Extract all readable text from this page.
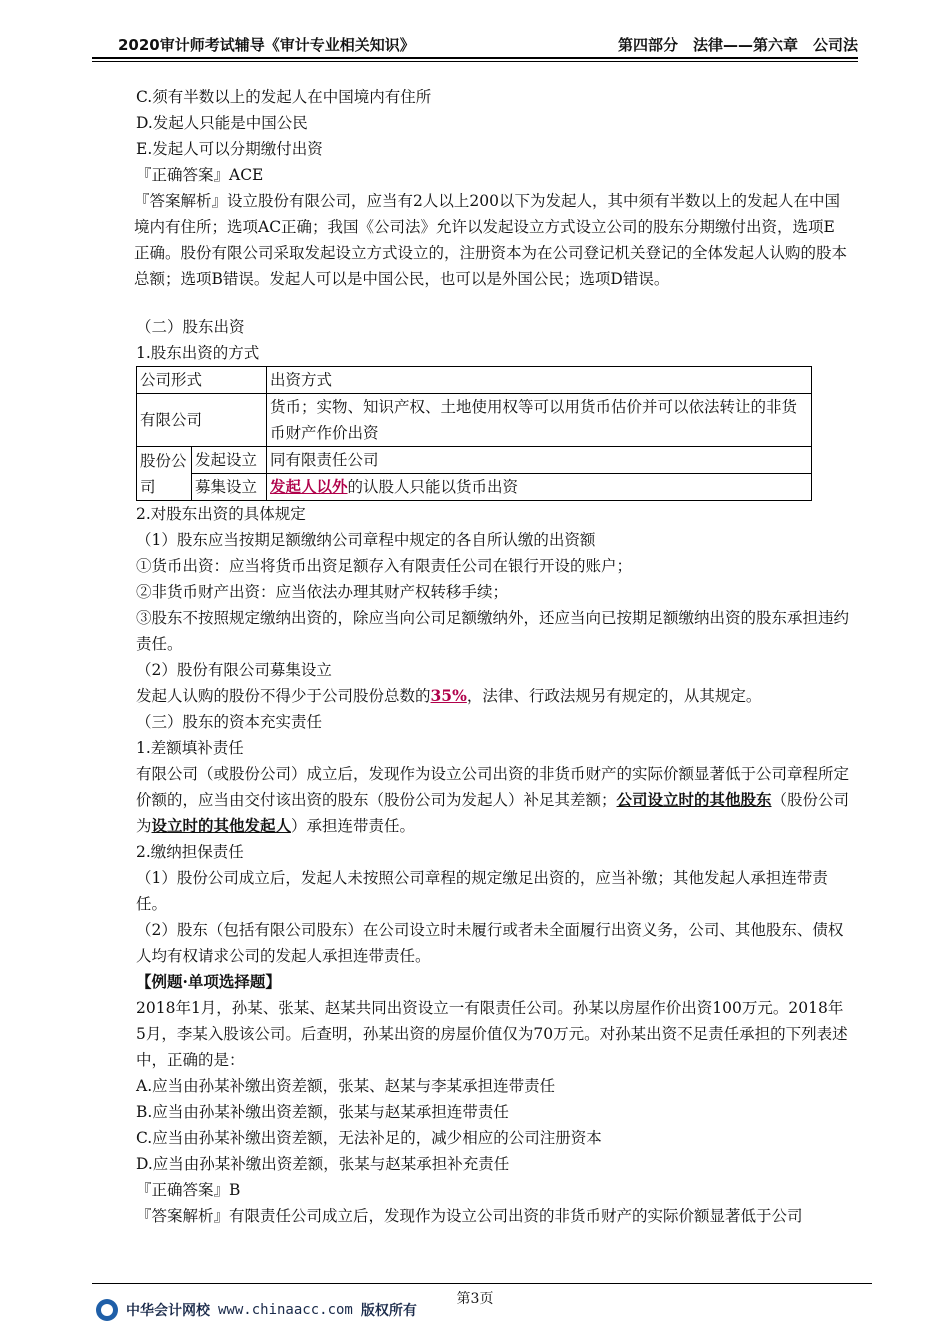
2020审计师考试辅导《审计专业相关知识》	第四部分　法律——第六章　公司法

C.须有半数以上的发起人在中国境内有住所

D.发起人只能是中国公民

E.发起人可以分期缴付出资

『正确答案』ACE

『答案解析』设立股份有限公司，应当有2人以上200以下为发起人，其中须有半数以上的发起人在中国境内有住所；选项AC正确；我国《公司法》允许以发起设立方式设立公司的股东分期缴付出资，选项E正确。股份有限公司采取发起设立方式设立的，注册资本为在公司登记机关登记的全体发起人认购的股本总额；选项B错误。发起人可以是中国公民，也可以是外国公民；选项D错误。

（二）股东出资

1.股东出资的方式

公司形式		出资方式
有限公司		货币；实物、知识产权、土地使用权等可以用货币估价并可以依法转让的非货币财产作价出资
股份公司	发起设立	同有限责任公司
	募集设立	发起人以外的认股人只能以货币出资

2.对股东出资的具体规定

（1）股东应当按期足额缴纳公司章程中规定的各自所认缴的出资额

①货币出资：应当将货币出资足额存入有限责任公司在银行开设的账户；

②非货币财产出资：应当依法办理其财产权转移手续；

③股东不按照规定缴纳出资的，除应当向公司足额缴纳外，还应当向已按期足额缴纳出资的股东承担违约责任。

（2）股份有限公司募集设立

发起人认购的股份不得少于公司股份总数的35%，法律、行政法规另有规定的，从其规定。

（三）股东的资本充实责任

1.差额填补责任

有限公司（或股份公司）成立后，发现作为设立公司出资的非货币财产的实际价额显著低于公司章程所定价额的，应当由交付该出资的股东（股份公司为发起人）补足其差额；公司设立时的其他股东（股份公司为设立时的其他发起人）承担连带责任。

2.缴纳担保责任

（1）股份公司成立后，发起人未按照公司章程的规定缴足出资的，应当补缴；其他发起人承担连带责任。

（2）股东（包括有限公司股东）在公司设立时未履行或者未全面履行出资义务，公司、其他股东、债权人均有权请求公司的发起人承担连带责任。

【例题·单项选择题】

2018年1月，孙某、张某、赵某共同出资设立一有限责任公司。孙某以房屋作价出资100万元。2018年5月，李某入股该公司。后查明，孙某出资的房屋价值仅为70万元。对孙某出资不足责任承担的下列表述中，正确的是：

A.应当由孙某补缴出资差额，张某、赵某与李某承担连带责任

B.应当由孙某补缴出资差额，张某与赵某承担连带责任

C.应当由孙某补缴出资差额，无法补足的，减少相应的公司注册资本

D.应当由孙某补缴出资差额，张某与赵某承担补充责任

『正确答案』B

『答案解析』有限责任公司成立后，发现作为设立公司出资的非货币财产的实际价额显著低于公司

第3页
中华会计网校 www.chinaacc.com 版权所有
